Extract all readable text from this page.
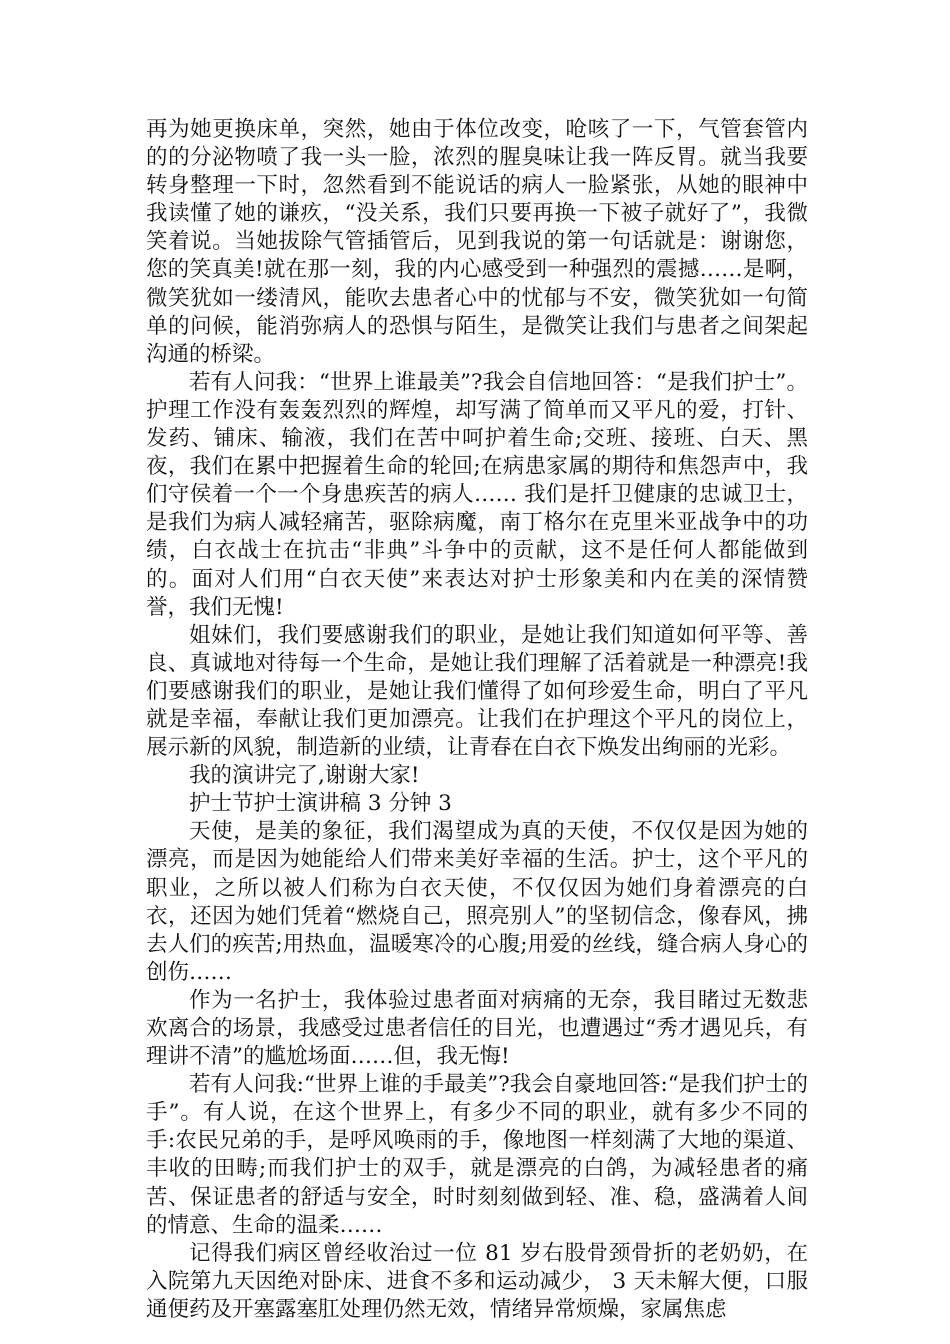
再为她更换床单，突然，她由于体位改变，呛咳了一下，气管套管内的的分泌物喷了我一头一脸，浓烈的腥臭味让我一阵反胃。就当我要转身整理一下时，忽然看到不能说话的病人一脸紧张，从她的眼神中我读懂了她的谦疚，“没关系，我们只要再换一下被子就好了”，我微笑着说。当她拔除气管插管后，见到我说的第一句话就是：谢谢您，您的笑真美!就在那一刻，我的内心感受到一种强烈的震撼……是啊，微笑犹如一缕清风，能吹去患者心中的忧郁与不安，微笑犹如一句简单的问候，能消弥病人的恐惧与陌生，是微笑让我们与患者之间架起沟通的桥梁。

若有人问我：“世界上谁最美”?我会自信地回答：“是我们护士”。护理工作没有轰轰烈烈的辉煌，却写满了简单而又平凡的爱，打针、发药、铺床、输液，我们在苦中呵护着生命;交班、接班、白天、黑夜，我们在累中把握着生命的轮回;在病患家属的期待和焦怨声中，我们守侯着一个一个身患疾苦的病人…… 我们是扦卫健康的忠诚卫士，是我们为病人减轻痛苦，驱除病魔，南丁格尔在克里米亚战争中的功绩，白衣战士在抗击“非典”斗争中的贡献，这不是任何人都能做到的。面对人们用“白衣天使”来表达对护士形象美和内在美的深情赞誉，我们无愧!

姐妹们，我们要感谢我们的职业，是她让我们知道如何平等、善良、真诚地对待每一个生命，是她让我们理解了活着就是一种漂亮!我们要感谢我们的职业，是她让我们懂得了如何珍爱生命，明白了平凡就是幸福，奉献让我们更加漂亮。让我们在护理这个平凡的岗位上，展示新的风貌，制造新的业绩，让青春在白衣下焕发出绚丽的光彩。

我的演讲完了,谢谢大家!

护士节护士演讲稿 3 分钟 3

天使，是美的象征，我们渴望成为真的天使，不仅仅是因为她的漂亮，而是因为她能给人们带来美好幸福的生活。护士，这个平凡的职业，之所以被人们称为白衣天使，不仅仅因为她们身着漂亮的白衣，还因为她们凭着“燃烧自己，照亮别人”的坚韧信念，像春风，拂去人们的疾苦;用热血，温暖寒冷的心腹;用爱的丝线，缝合病人身心的创伤……

作为一名护士，我体验过患者面对病痛的无奈，我目睹过无数悲欢离合的场景，我感受过患者信任的目光，也遭遇过“秀才遇见兵，有理讲不清”的尴尬场面……但，我无悔!

若有人问我:“世界上谁的手最美”?我会自豪地回答:“是我们护士的手”。有人说，在这个世界上，有多少不同的职业，就有多少不同的手:农民兄弟的手，是呼风唤雨的手，像地图一样刻满了大地的渠道、丰收的田畴;而我们护士的双手，就是漂亮的白鸽，为减轻患者的痛苦、保证患者的舒适与安全，时时刻刻做到轻、准、稳，盛满着人间的情意、生命的温柔……

记得我们病区曾经收治过一位 81 岁右股骨颈骨折的老奶奶，在入院第九天因绝对卧床、进食不多和运动减少， 3 天未解大便，口服通便药及开塞露塞肛处理仍然无效，情绪异常烦燥，家属焦虑
